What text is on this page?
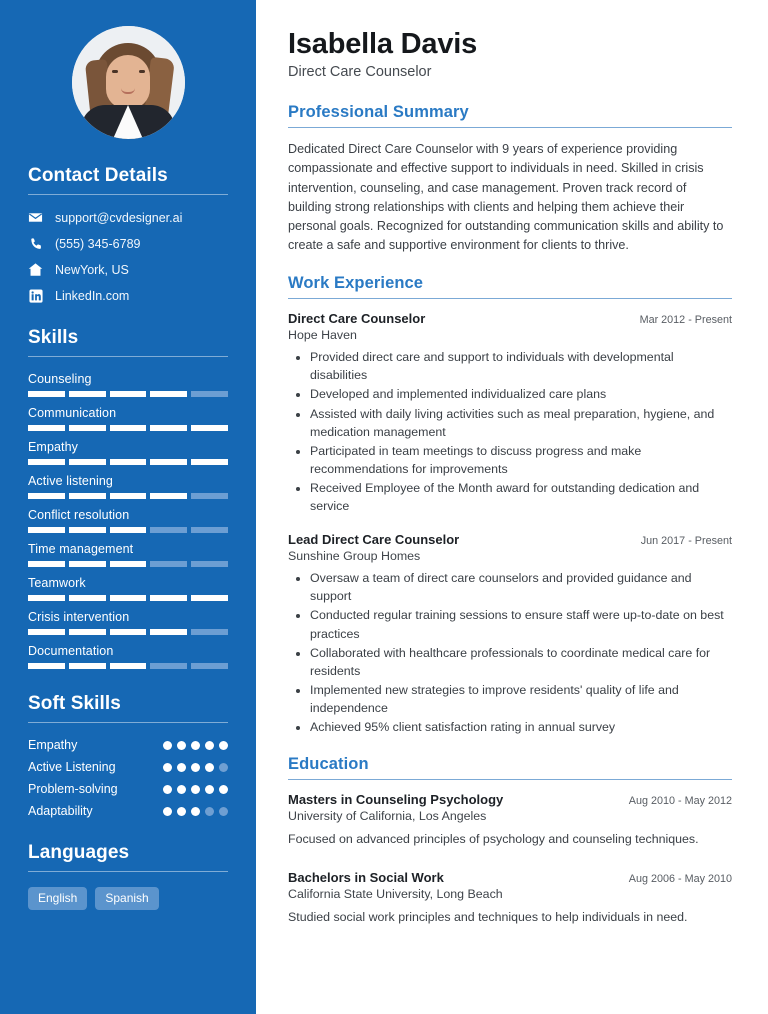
Contact Details
support@cvdesigner.ai
(555) 345-6789
NewYork, US
LinkedIn.com
Skills
Counseling
Communication
Empathy
Active listening
Conflict resolution
Time management
Teamwork
Crisis intervention
Documentation
Soft Skills
Empathy
Active Listening
Problem-solving
Adaptability
Languages
English	Spanish
Isabella Davis
Direct Care Counselor
Professional Summary
Dedicated Direct Care Counselor with 9 years of experience providing compassionate and effective support to individuals in need. Skilled in crisis intervention, counseling, and case management. Proven track record of building strong relationships with clients and helping them achieve their personal goals. Recognized for outstanding communication skills and ability to create a safe and supportive environment for clients to thrive.
Work Experience
Direct Care Counselor	Mar 2012 - Present
Hope Haven
• Provided direct care and support to individuals with developmental disabilities
• Developed and implemented individualized care plans
• Assisted with daily living activities such as meal preparation, hygiene, and medication management
• Participated in team meetings to discuss progress and make recommendations for improvements
• Received Employee of the Month award for outstanding dedication and service
Lead Direct Care Counselor	Jun 2017 - Present
Sunshine Group Homes
• Oversaw a team of direct care counselors and provided guidance and support
• Conducted regular training sessions to ensure staff were up-to-date on best practices
• Collaborated with healthcare professionals to coordinate medical care for residents
• Implemented new strategies to improve residents' quality of life and independence
• Achieved 95% client satisfaction rating in annual survey
Education
Masters in Counseling Psychology	Aug 2010 - May 2012
University of California, Los Angeles
Focused on advanced principles of psychology and counseling techniques.
Bachelors in Social Work	Aug 2006 - May 2010
California State University, Long Beach
Studied social work principles and techniques to help individuals in need.
